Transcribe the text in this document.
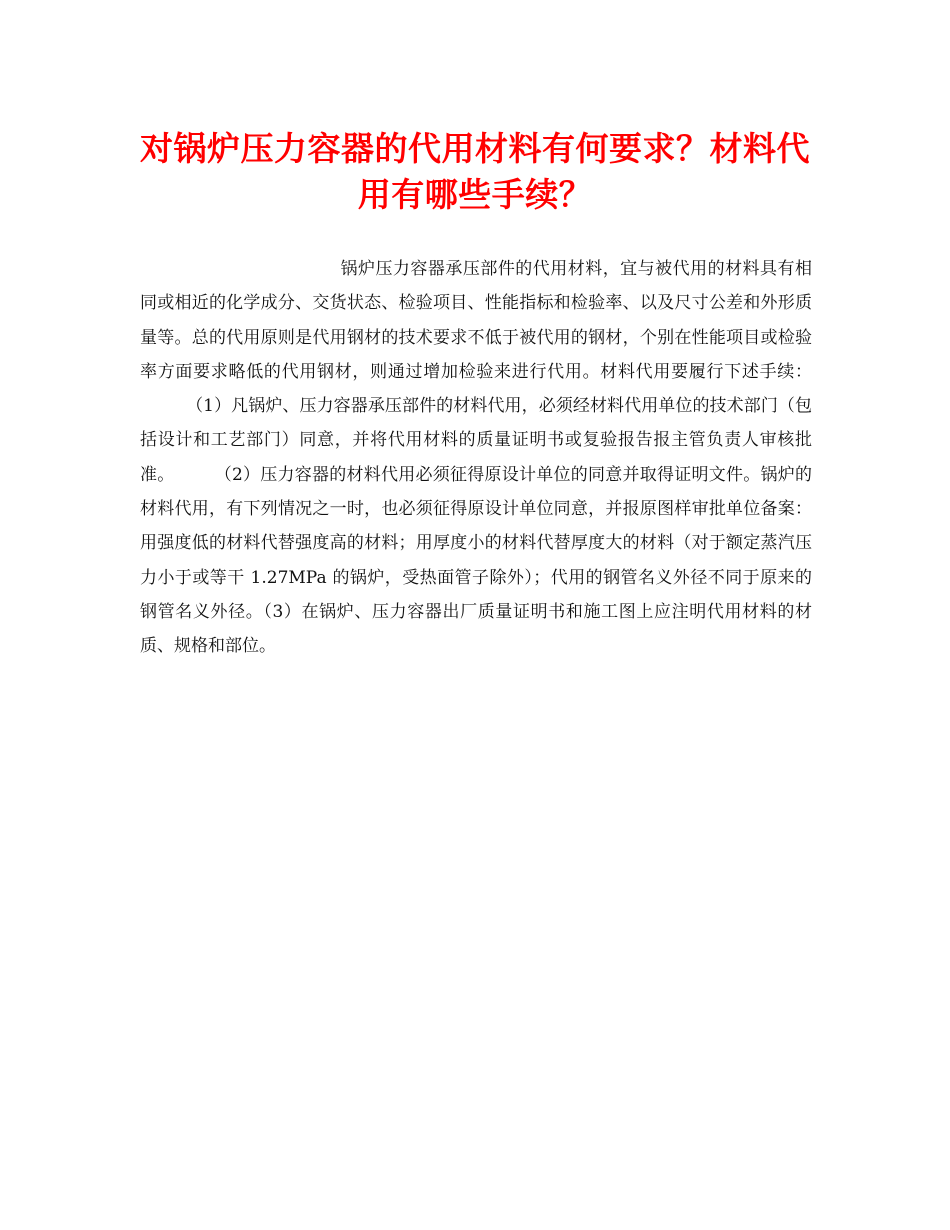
对锅炉压力容器的代用材料有何要求？材料代用有哪些手续？

锅炉压力容器承压部件的代用材料，宜与被代用的材料具有相同或相近的化学成分、交货状态、检验项目、性能指标和检验率、以及尺寸公差和外形质量等。总的代用原则是代用钢材的技术要求不低于被代用的钢材，个别在性能项目或检验率方面要求略低的代用钢材，则通过增加检验来进行代用。材料代用要履行下述手续：（1）凡锅炉、压力容器承压部件的材料代用，必须经材料代用单位的技术部门（包括设计和工艺部门）同意，并将代用材料的质量证明书或复验报告报主管负责人审核批准。 （2）压力容器的材料代用必须征得原设计单位的同意并取得证明文件。锅炉的材料代用，有下列情况之一时，也必须征得原设计单位同意，并报原图样审批单位备案：用强度低的材料代替强度高的材料；用厚度小的材料代替厚度大的材料（对于额定蒸汽压力小于或等干 1.27MPa 的锅炉，受热面管子除外）；代用的钢管名义外径不同于原来的钢管名义外径。（3）在锅炉、压力容器出厂质量证明书和施工图上应注明代用材料的材质、规格和部位。
